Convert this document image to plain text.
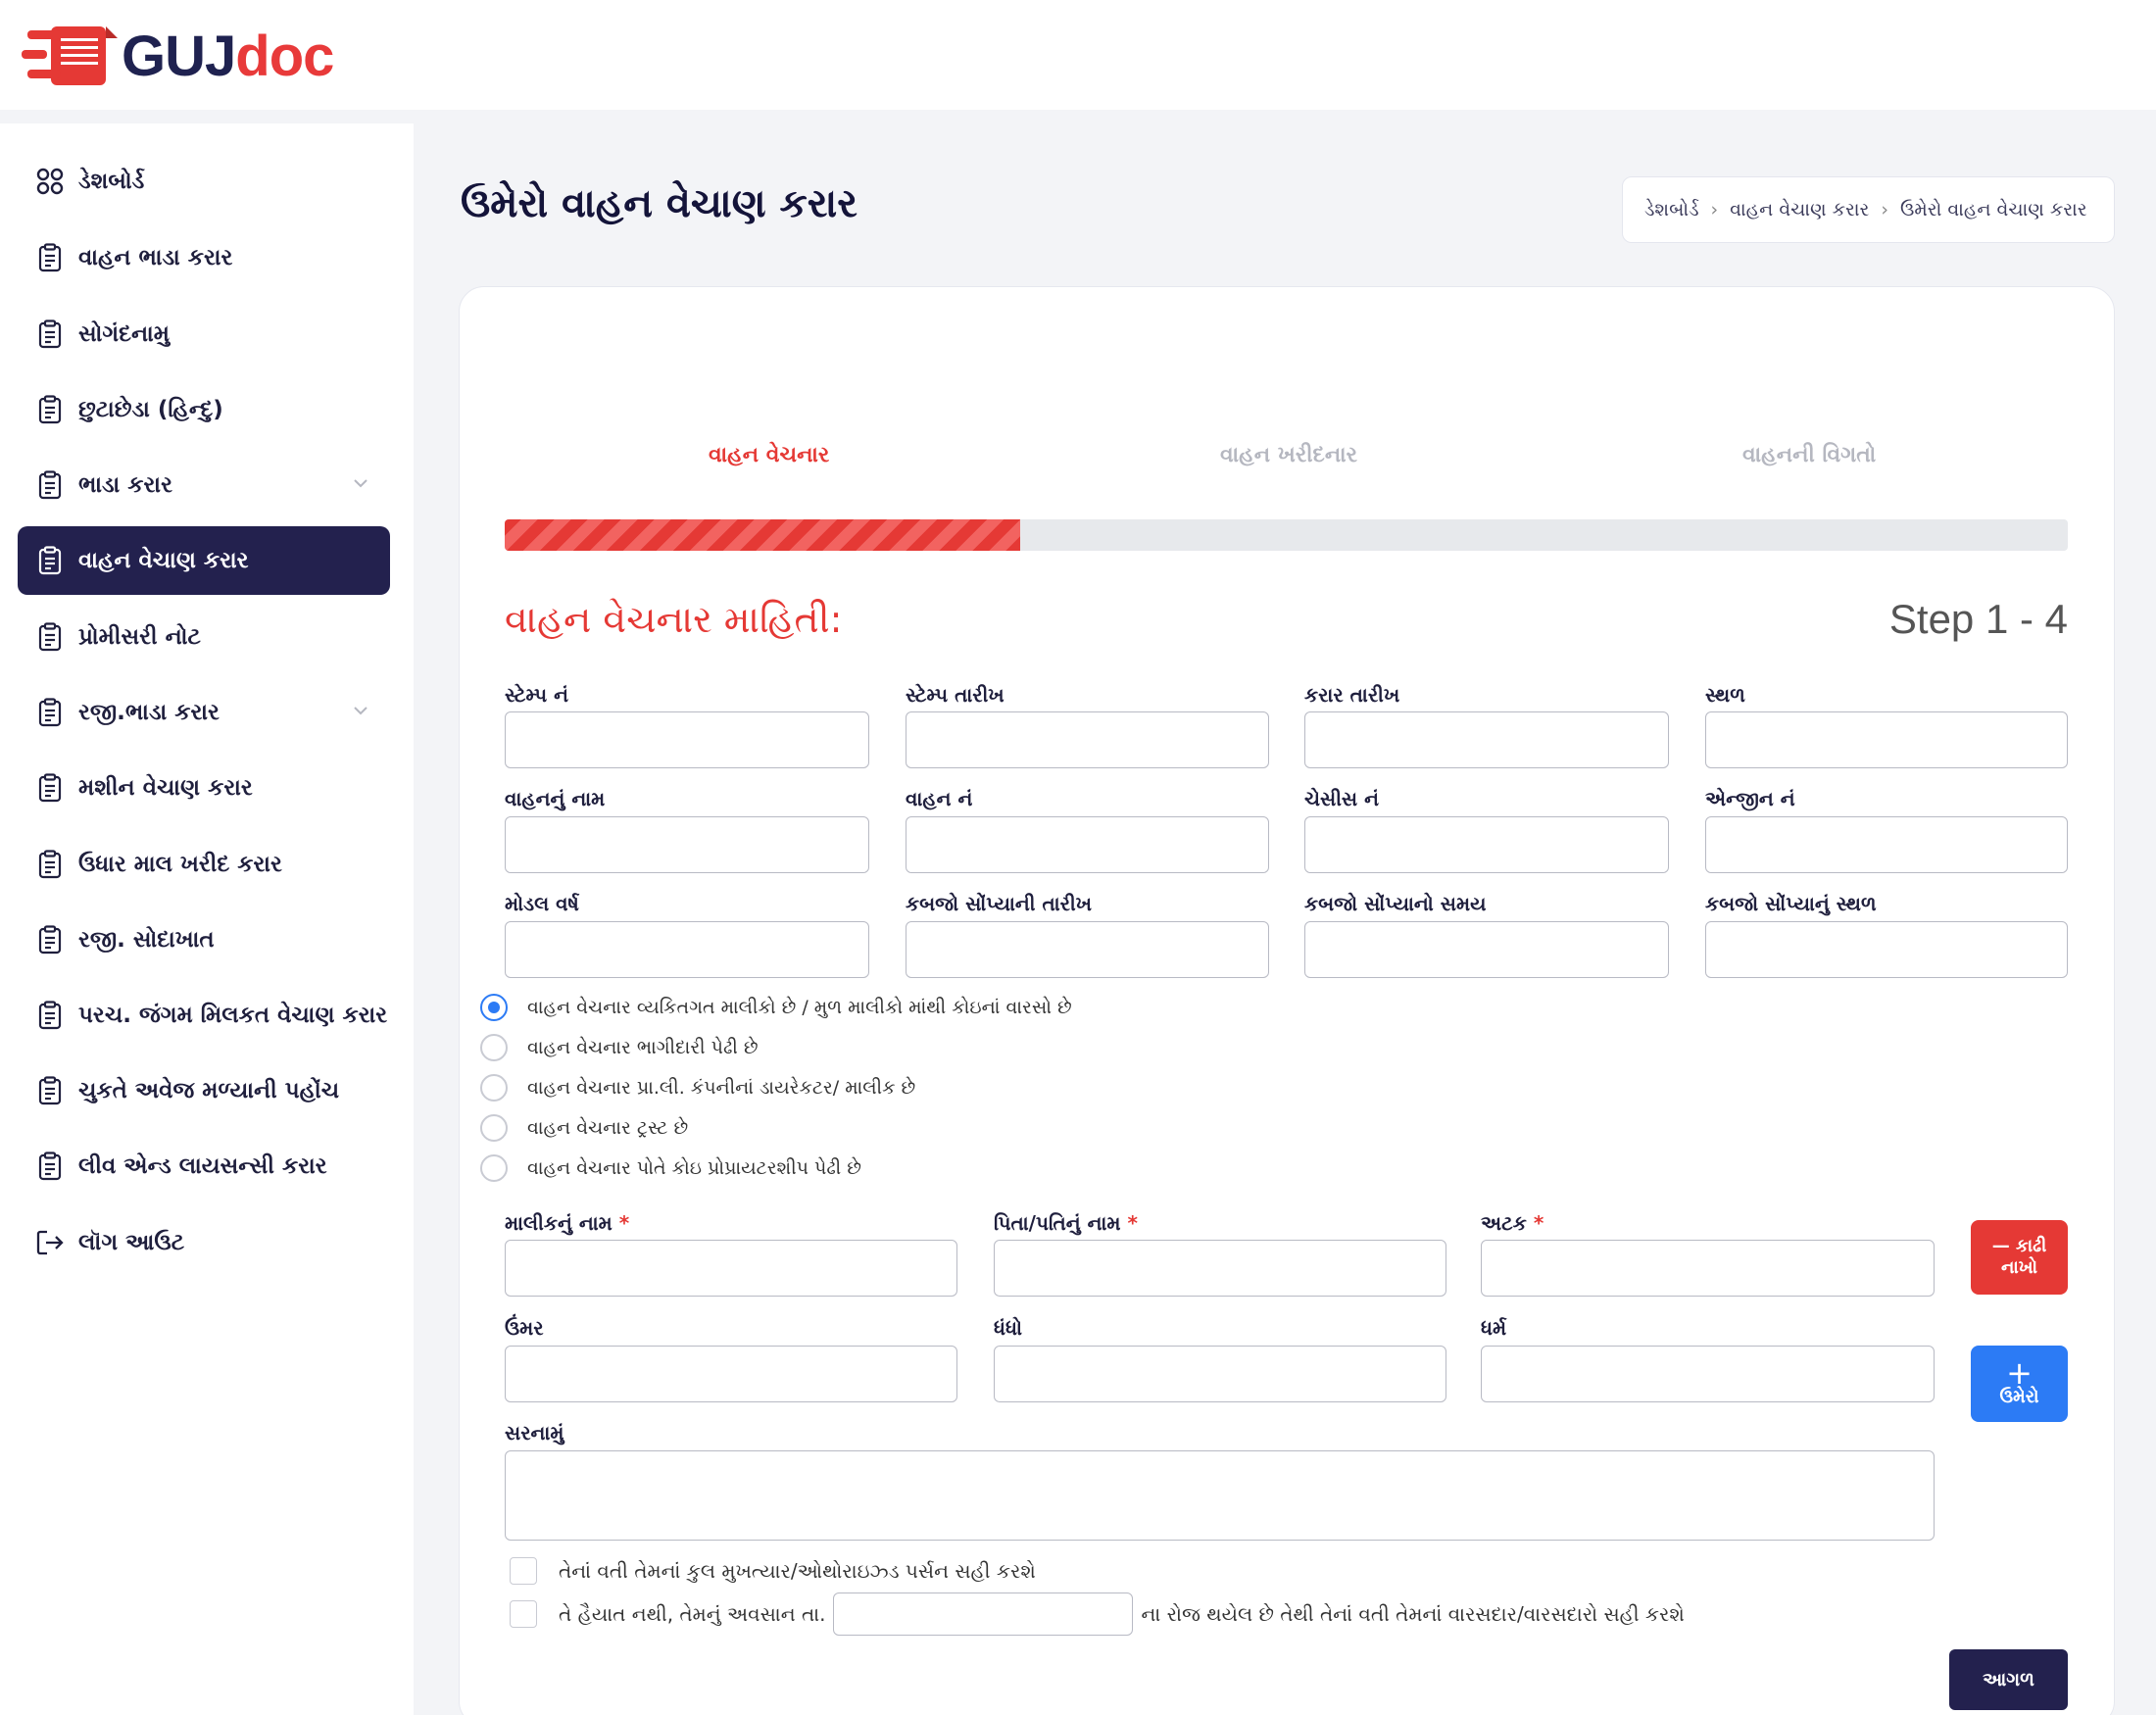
GUJdoc
ડેશબોર્ડ
વાહન ભાડા કરાર
સોગંદનામુ
છુટાછેડા (હિન્દુ)
ભાડા કરાર
વાહન વેચાણ કરાર
પ્રોમીસરી નોટ
રજી.ભાડા કરાર
મશીન વેચાણ કરાર
ઉધાર માલ ખરીદ કરાર
રજી. સોદાખાત
પરચ. જંગમ મિલકત વેચાણ કરાર
ચુકતે અવેજ મળ્યાની પહોંચ
લીવ એન્ડ લાયસન્સી કરાર
લૉગ આઉટ
ઉમેરો વાહન વેચાણ કરાર	ડેશબોર્ડ › વાહન વેચાણ કરાર › ઉમેરો વાહન વેચાણ કરાર
વાહન વેચનાર	વાહન ખરીદનાર	વાહનની વિગતો
વાહન વેચનાર માહિતી:	Step 1 - 4
સ્ટેમ્પ નં	સ્ટેમ્પ તારીખ	કરાર તારીખ	સ્થળ
વાહનનું નામ	વાહન નં	ચેસીસ નં	એન્જીન નં
મોડલ વર્ષ	કબજો સોંપ્યાની તારીખ	કબજો સોંપ્યાનો સમય	કબજો સોંપ્યાનું સ્થળ
વાહન વેચનાર વ્યકિતગત માલીકો છે / મુળ માલીકો માંથી કોઇનાં વારસો છે
વાહન વેચનાર ભાગીદારી પેઢી છે
વાહન વેચનાર પ્રા.લી. કંપનીનાં ડાયરેકટર/ માલીક છે
વાહન વેચનાર ટ્રસ્ટ છે
વાહન વેચનાર પોતે કોઇ પ્રોપ્રાયટરશીપ પેઢી છે
માલીકનું નામ *	પિતા/પતિનું નામ *	અટક *
— કાઢી
નાખો
ઉંમર	ધંધો	ધર્મ
+
ઉમેરો
સરનામું
તેનાં વતી તેમનાં કુલ મુખત્યાર/ઓથોરાઇઝ્ડ પર્સન સહી કરશે
તે હૈયાત નથી, તેમનું અવસાન તા.	ના રોજ થયેલ છે તેથી તેનાં વતી તેમનાં વારસદાર/વારસદારો સહી કરશે
આગળ
